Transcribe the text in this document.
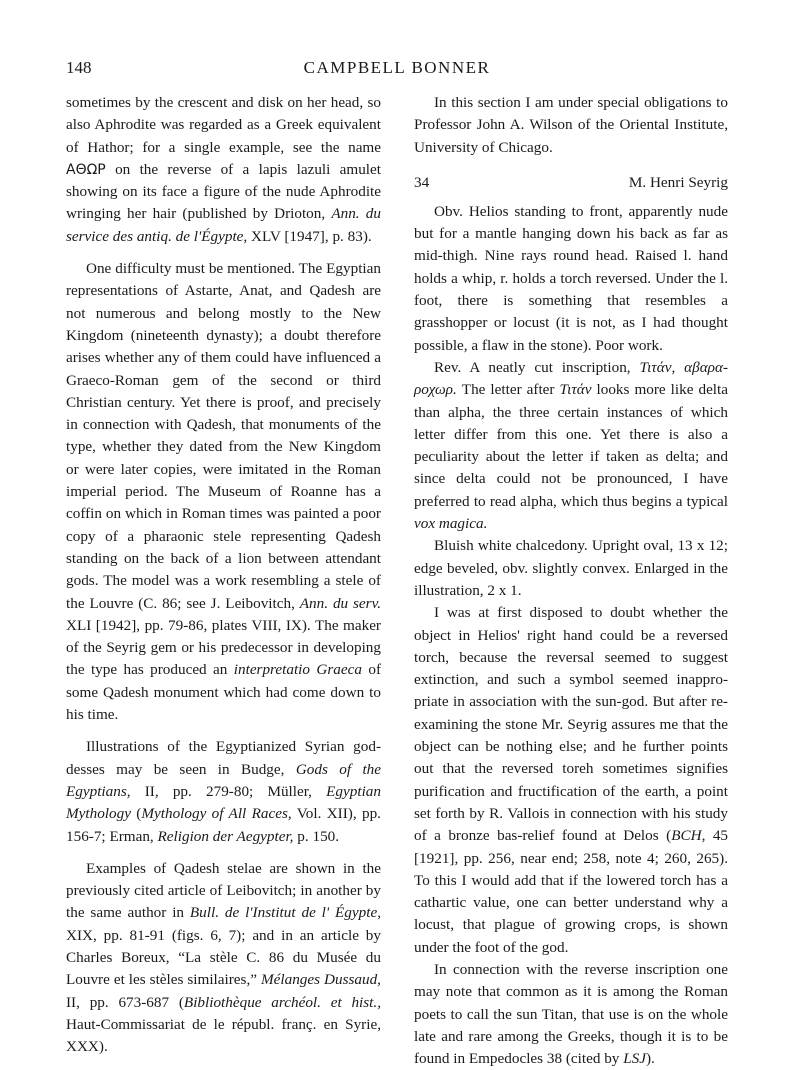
148	CAMPBELL BONNER

sometimes by the crescent and disk on her head, so also Aphrodite was regarded as a Greek equivalent of Hathor; for a single example, see the name ΑΘΩΡ on the reverse of a lapis lazuli amulet showing on its face a figure of the nude Aphrodite wringing her hair (published by Drioton, Ann. du service des antiq. de l'Égypte, XLV [1947], p. 83).

One difficulty must be mentioned. The Egyptian representations of Astarte, Anat, and Qadesh are not numerous and belong mostly to the New Kingdom (nineteenth dynasty); a doubt therefore arises whether any of them could have influenced a Graeco-Roman gem of the second or third Christian century. Yet there is proof, and precisely in connection with Qadesh, that monuments of the type, whether they dated from the New Kingdom or were later copies, were imitated in the Roman imperial period. The Museum of Roanne has a coffin on which in Roman times was painted a poor copy of a pharaonic stele representing Qadesh standing on the back of a lion between attendant gods. The model was a work resembling a stele of the Louvre (C. 86; see J. Leibovitch, Ann. du serv. XLI [1942], pp. 79-86, plates VIII, IX). The maker of the Seyrig gem or his predecessor in developing the type has produced an interpretatio Graeca of some Qadesh monument which had come down to his time.

Illustrations of the Egyptianized Syrian goddesses may be seen in Budge, Gods of the Egyptians, II, pp. 279-80; Müller, Egyptian Mythology (Mythology of All Races, Vol. XII), pp. 156-7; Erman, Religion der Aegypter, p. 150.

Examples of Qadesh stelae are shown in the previously cited article of Leibovitch; in another by the same author in Bull. de l'Institut de l' Égypte, XIX, pp. 81-91 (figs. 6, 7); and in an article by Charles Boreux, “La stèle C. 86 du Musée du Louvre et les stèles similaires,” Mélanges Dussaud, II, pp. 673-687 (Bibliothèque archéol. et hist., Haut-Commissariat de le républ. franç. en Syrie, XXX).

In this section I am under special obligations to Professor John A. Wilson of the Oriental Institute, University of Chicago.

34	M. Henri Seyrig

Obv. Helios standing to front, apparently nude but for a mantle hanging down his back as far as mid-thigh. Nine rays round head. Raised l. hand holds a whip, r. holds a torch reversed. Under the l. foot, there is something that resembles a grasshopper or locust (it is not, as I had thought possible, a flaw in the stone). Poor work.

Rev. A neatly cut inscription, Τιτάν, αβαραροχωρ. The letter after Τιτάν looks more like delta than alpha, the three certain instances of which letter differ from this one. Yet there is also a peculiarity about the letter if taken as delta; and since delta could not be pronounced, I have preferred to read alpha, which thus begins a typical vox magica.

Bluish white chalcedony. Upright oval, 13 x 12; edge beveled, obv. slightly convex. Enlarged in the illustration, 2 x 1.

I was at first disposed to doubt whether the object in Helios' right hand could be a reversed torch, because the reversal seemed to suggest extinction, and such a symbol seemed inappropriate in association with the sun-god. But after re-examining the stone Mr. Seyrig assures me that the object can be nothing else; and he further points out that the reversed toreh sometimes signifies purification and fructification of the earth, a point set forth by R. Vallois in connection with his study of a bronze bas-relief found at Delos (BCH, 45 [1921], pp. 256, near end; 258, note 4; 260, 265). To this I would add that if the lowered torch has a cathartic value, one can better understand why a locust, that plague of growing crops, is shown under the foot of the god.

In connection with the reverse inscription one may note that common as it is among the Roman poets to call the sun Titan, that use is on the whole late and rare among the Greeks, though it is to be found in Empedocles 38 (cited by LSJ).
